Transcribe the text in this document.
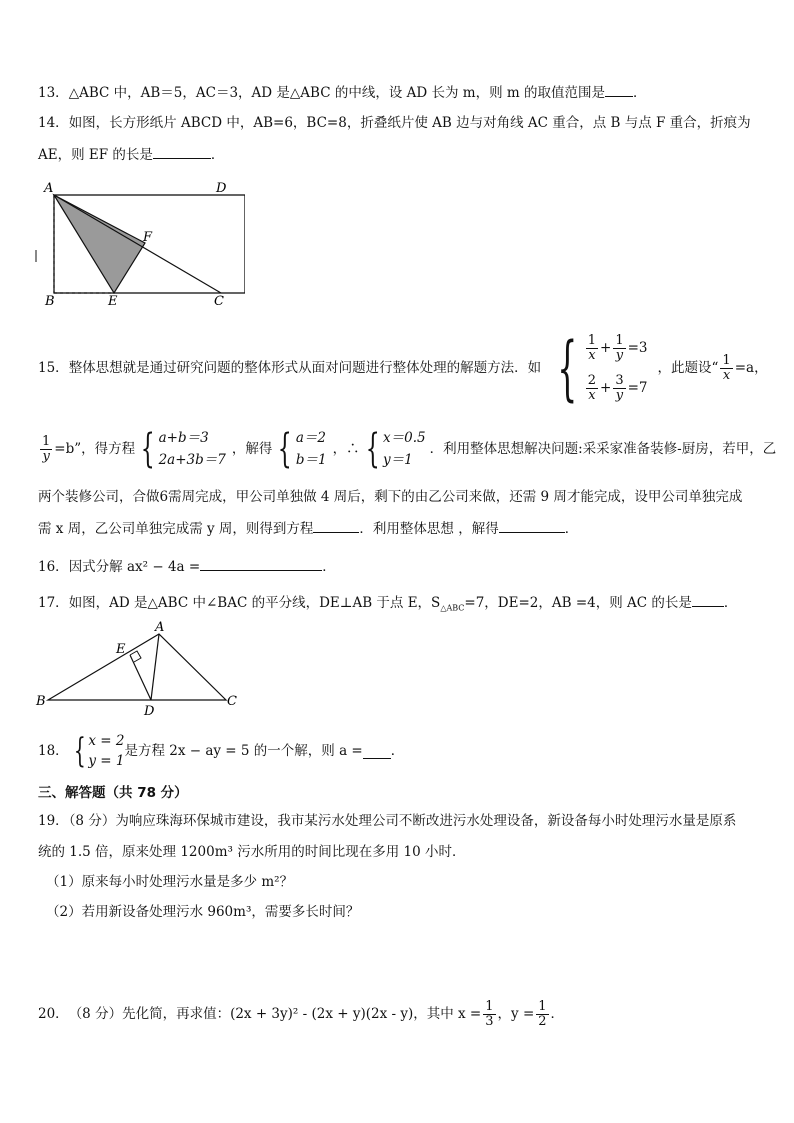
13．△ABC 中，AB＝5，AC＝3，AD 是△ABC 的中线，设 AD 长为 m，则 m 的取值范围是 ．
14．如图，长方形纸片 ABCD 中，AB=6，BC=8，折叠纸片使 AB 边与对角线 AC 重合，点 B 与点 F 重合，折痕为
AE，则 EF 的长是	．
A	D
F
B	E	C
15． 整体思想就是通过研究问题的整体形式从面对问题进行整体处理的解题方法．如 { $\frac{1}{x} + \frac{1}{y} =3$
$\frac{2}{x} + \frac{3}{y} =7$
，此题设“ $\frac{1}{x} =a$，
$\frac{1}{y} =b$”，得方程 { a+b＝3
2a+3b＝7
，解得 { a＝2
b＝1
，∴ { x＝0.5
y＝1
．利用整体思想解决问题:采采家准备装修-厨房，若甲，乙
两个装修公司，合做6需周完成，甲公司单独做 4 周后，剩下的由乙公司来做，还需 9 周才能完成，设甲公司单独完成
需 x 周，乙公司单独完成需 y 周，则得到方程	．利用整体思想 ，解得	．
16．因式分解 ax² − 4a =	．
17．如图，AD 是△ABC 中∠BAC 的平分线，DE⊥AB 于点 E，$S_{\triangle ABC}=7$，DE=2，AB =4，则 AC 的长是 ．
A
E
B
D
C
18． { x = 2
y = 1
是方程 2x − ay = 5 的一个解，则 a = ．
三、解答题（共 78 分）
19．（8 分）为响应珠海环保城市建设，我市某污水处理公司不断改进污水处理设备，新设备每小时处理污水量是原系
统的 1.5 倍，原来处理 1200m³ 污水所用的时间比现在多用 10 小时．
（1）原来每小时处理污水量是多少 m²？
（2）若用新设备处理污水 960m³，需要多长时间？
20． （8 分）先化简，再求值：(2x + 3y)² - (2x + y)(2x - y)，其中 $x = \frac{1}{3}$ ，$y = \frac{1}{2}$ ．
